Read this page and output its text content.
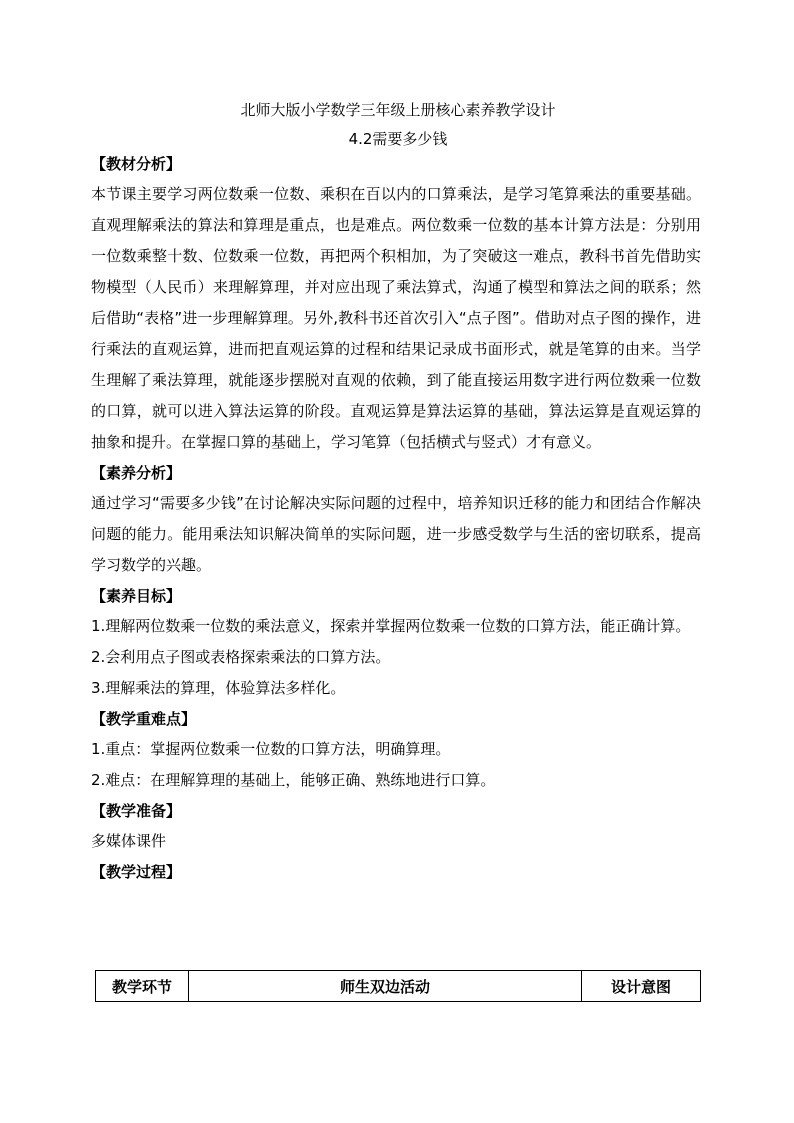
北师大版小学数学三年级上册核心素养教学设计

4.2需要多少钱

【教材分析】

本节课主要学习两位数乘一位数、乘积在百以内的口算乘法，是学习笔算乘法的重要基础。直观理解乘法的算法和算理是重点，也是难点。两位数乘一位数的基本计算方法是：分别用一位数乘整十数、位数乘一位数，再把两个积相加，为了突破这一难点，教科书首先借助实物模型（人民币）来理解算理，并对应出现了乘法算式，沟通了模型和算法之间的联系；然后借助“表格”进一步理解算理。另外,教科书还首次引入“点子图”。借助对点子图的操作，进行乘法的直观运算，进而把直观运算的过程和结果记录成书面形式，就是笔算的由来。当学生理解了乘法算理，就能逐步摆脱对直观的依赖，到了能直接运用数字进行两位数乘一位数的口算，就可以进入算法运算的阶段。直观运算是算法运算的基础，算法运算是直观运算的抽象和提升。在掌握口算的基础上，学习笔算（包括横式与竖式）才有意义。

【素养分析】

通过学习“需要多少钱”在讨论解决实际问题的过程中，培养知识迁移的能力和团结合作解决问题的能力。能用乘法知识解决简单的实际问题，进一步感受数学与生活的密切联系，提高学习数学的兴趣。

【素养目标】

1.理解两位数乘一位数的乘法意义，探索并掌握两位数乘一位数的口算方法，能正确计算。

2.会利用点子图或表格探索乘法的口算方法。

3.理解乘法的算理，体验算法多样化。

【教学重难点】

1.重点：掌握两位数乘一位数的口算方法，明确算理。

2.难点：在理解算理的基础上，能够正确、熟练地进行口算。

【教学准备】

多媒体课件

【教学过程】

教学环节	师生双边活动	设计意图
